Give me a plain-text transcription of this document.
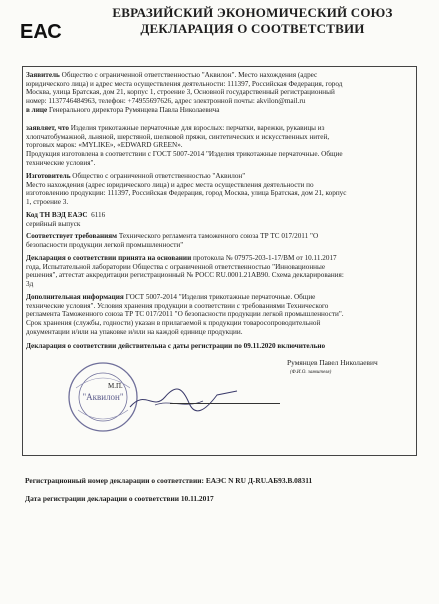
ЕАС
ЕВРАЗИЙСКИЙ ЭКОНОМИЧЕСКИЙ СОЮЗ
ДЕКЛАРАЦИЯ О СООТВЕТСТВИИ
Заявитель Общество с ограниченной ответственностью "Аквилон". Место нахождения (адрес
юридического лица) и адрес места осуществления деятельности: 111397, Российская Федерация, город
Москва, улица Братская, дом 21, корпус 1, строение 3, Основной государственный регистрационный
номер: 1137746484963, телефон: +74955697626, адрес электронной почты: akvilon@mail.ru
в лице Генерального директора Румянцева Павла Николаевича
заявляет, что Изделия трикотажные перчаточные для взрослых: перчатки, варежки, рукавицы из
хлопчатобумажной, льняной, шерстяной, шелковой пряжи, синтетических и искусственных нитей,
торговых марок: «MYLIKE», «EDWARD GREEN».
Продукция изготовлена в соответствии с ГОСТ 5007-2014 "Изделия трикотажные перчаточные. Общие
технические условия".
Изготовитель Общество с ограниченной ответственностью "Аквилон"
Место нахождения (адрес юридического лица) и адрес места осуществления деятельности по
изготовлению продукции: 111397, Российская Федерация, город Москва, улица Братская, дом 21, корпус
1, строение 3.
Код ТН ВЭД ЕАЭС 6116
серийный выпуск
Соответствует требованиям Технического регламента таможенного союза ТР ТС 017/2011 "О
безопасности продукции легкой промышленности"
Декларация о соответствии принята на основании протокола № 07975-203-1-17/ВМ от 10.11.2017
года, Испытательной лаборатории Общества с ограниченной ответственностью "Инновационные
решения", аттестат аккредитации регистрационный № РОСС RU.0001.21АВ90. Схема декларирования:
3д
Дополнительная информация ГОСТ 5007-2014 "Изделия трикотажные перчаточные. Общие
технические условия". Условия хранения продукции в соответствии с требованиями Технического
регламента Таможенного союза ТР ТС 017/2011 "О безопасности продукции легкой промышленности".
Срок хранения (службы, годности) указан в прилагаемой к продукции товаросопроводительной
документации и/или на упаковке и/или на каждой единице продукции.
Декларация о соответствии действительна с даты регистрации по 09.11.2020 включительно
"Аквилон"
Румянцев Павел Николаевич
(Ф.И.О. заявителя)
М.П.
Регистрационный номер декларации о соответствии: ЕАЭС N RU Д-RU.АБ93.В.08311
Дата регистрации декларации о соответствии 10.11.2017
